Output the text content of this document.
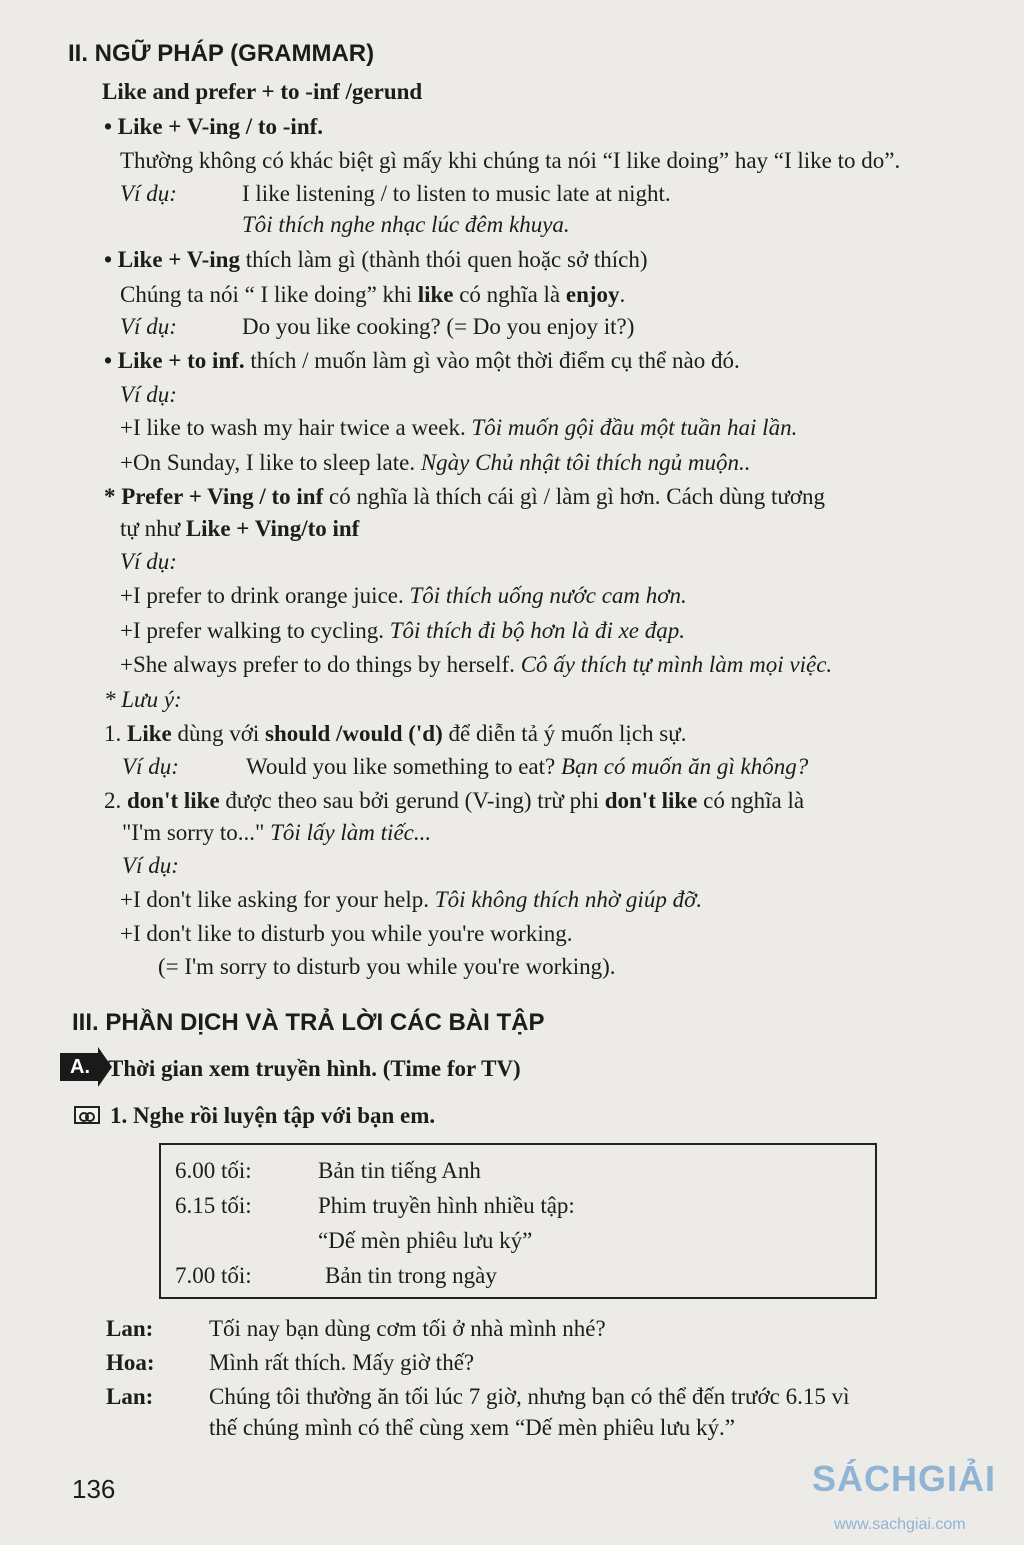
II. NGỮ PHÁP (GRAMMAR)
Like and prefer + to -inf /gerund
• Like + V-ing / to -inf.
Thường không có khác biệt gì mấy khi chúng ta nói “I like doing” hay “I like to do”.
Ví dụ:	I like listening / to listen to music late at night.
Tôi thích nghe nhạc lúc đêm khuya.
• Like + V-ing thích làm gì (thành thói quen hoặc sở thích)
Chúng ta nói “ I like doing” khi like có nghĩa là enjoy.
Ví dụ:	Do you like cooking? (= Do you enjoy it?)
• Like + to inf. thích / muốn làm gì vào một thời điểm cụ thể nào đó.
Ví dụ:
+I like to wash my hair twice a week. Tôi muốn gội đầu một tuần hai lần.
+On Sunday, I like to sleep late. Ngày Chủ nhật tôi thích ngủ muộn..
* Prefer + Ving / to inf có nghĩa là thích cái gì / làm gì hơn. Cách dùng tương
tự như Like + Ving/to inf
Ví dụ:
+I prefer to drink orange juice. Tôi thích uống nước cam hơn.
+I prefer walking to cycling. Tôi thích đi bộ hơn là đi xe đạp.
+She always prefer to do things by herself. Cô ấy thích tự mình làm mọi việc.
* Lưu ý:
1. Like dùng với should /would ('d) để diễn tả ý muốn lịch sự.
Ví dụ:	Would you like something to eat? Bạn có muốn ăn gì không?
2. don't like được theo sau bởi gerund (V-ing) trừ phi don't like có nghĩa là
"I'm sorry to..." Tôi lấy làm tiếc...
Ví dụ:
+I don't like asking for your help. Tôi không thích nhờ giúp đỡ.
+I don't like to disturb you while you're working.
(= I'm sorry to disturb you while you're working).
III. PHẦN DỊCH VÀ TRẢ LỜI CÁC BÀI TẬP
A. Thời gian xem truyền hình. (Time for TV)
1. Nghe rồi luyện tập với bạn em.
6.00 tối:	Bản tin tiếng Anh
6.15 tối:	Phim truyền hình nhiều tập:
“Dế mèn phiêu lưu ký”
7.00 tối:	Bản tin trong ngày
Lan: Tối nay bạn dùng cơm tối ở nhà mình nhé?
Hoa: Mình rất thích. Mấy giờ thế?
Lan: Chúng tôi thường ăn tối lúc 7 giờ, nhưng bạn có thể đến trước 6.15 vì
thế chúng mình có thể cùng xem “Dế mèn phiêu lưu ký.”
136	SÁCHGIẢI
www.sachgiai.com
